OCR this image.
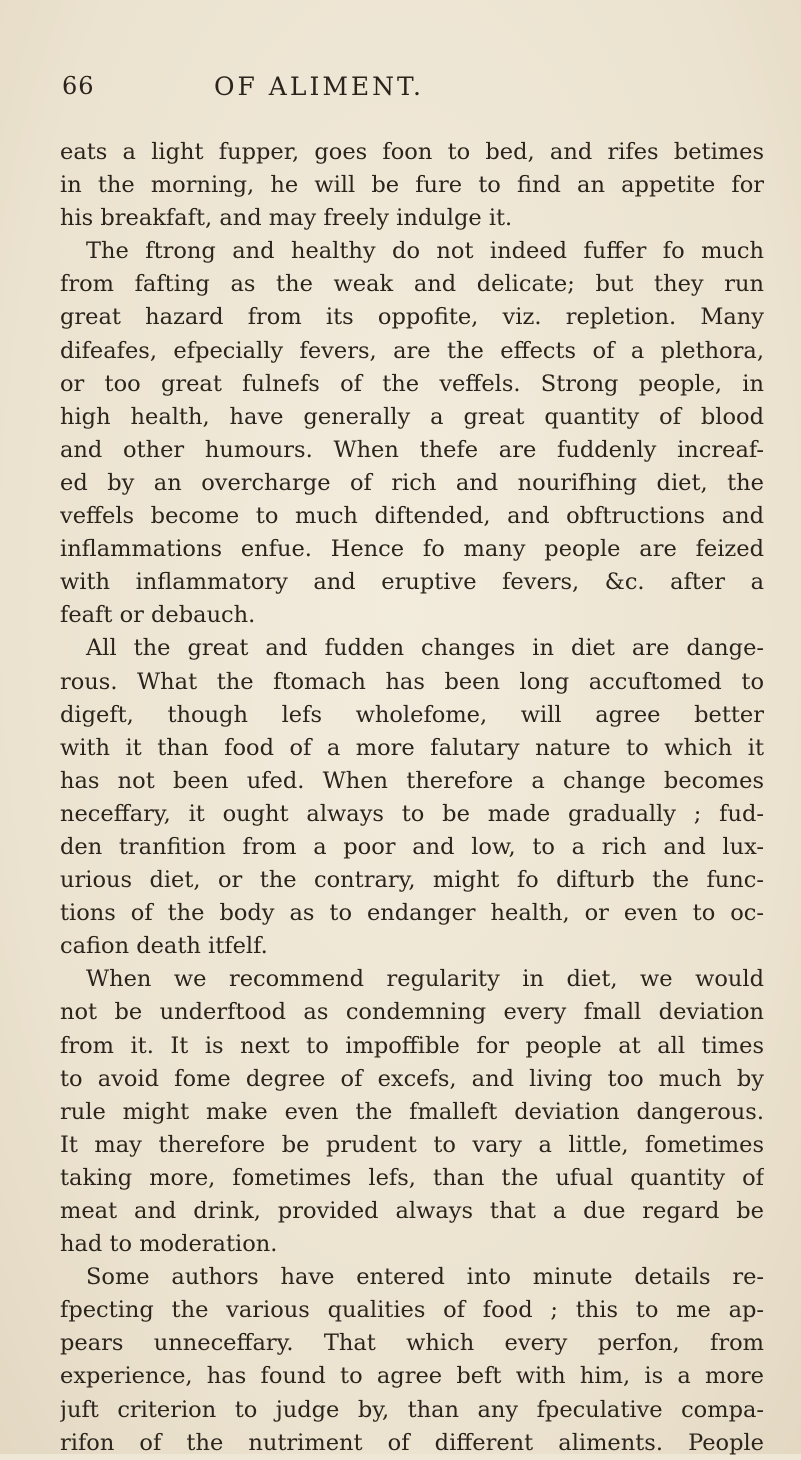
66	OF ALIMENT.
eats a light fupper, goes foon to bed, and rifes betimes
in the morning, he will be fure to find an appetite for
his breakfaft, and may freely indulge it.
The ftrong and healthy do not indeed fuffer fo much
from fafting as the weak and delicate; but they run
great hazard from its oppofite, viz. repletion. Many
difeafes, efpecially fevers, are the effects of a plethora,
or too great fulnefs of the veffels. Strong people, in
high health, have generally a great quantity of blood
and other humours. When thefe are fuddenly increaf-
ed by an overcharge of rich and nourifhing diet, the
veffels become to much diftended, and obftructions and
inflammations enfue. Hence fo many people are feized
with inflammatory and eruptive fevers, &c. after a
feaft or debauch.
All the great and fudden changes in diet are dange-
rous. What the ftomach has been long accuftomed to
digeft, though lefs wholefome, will agree better
with it than food of a more falutary nature to which it
has not been ufed. When therefore a change becomes
neceffary, it ought always to be made gradually ; fud-
den tranfition from a poor and low, to a rich and lux-
urious diet, or the contrary, might fo difturb the func-
tions of the body as to endanger health, or even to oc-
cafion death itfelf.
When we recommend regularity in diet, we would
not be underftood as condemning every fmall deviation
from it. It is next to impoffible for people at all times
to avoid fome degree of excefs, and living too much by
rule might make even the fmalleft deviation dangerous.
It may therefore be prudent to vary a little, fometimes
taking more, fometimes lefs, than the ufual quantity of
meat and drink, provided always that a due regard be
had to moderation.
Some authors have entered into minute details re-
fpecting the various qualities of food ; this to me ap-
pears unneceffary. That which every perfon, from
experience, has found to agree beft with him, is a more
juft criterion to judge by, than any fpeculative compa-
rifon of the nutriment of different aliments. People
